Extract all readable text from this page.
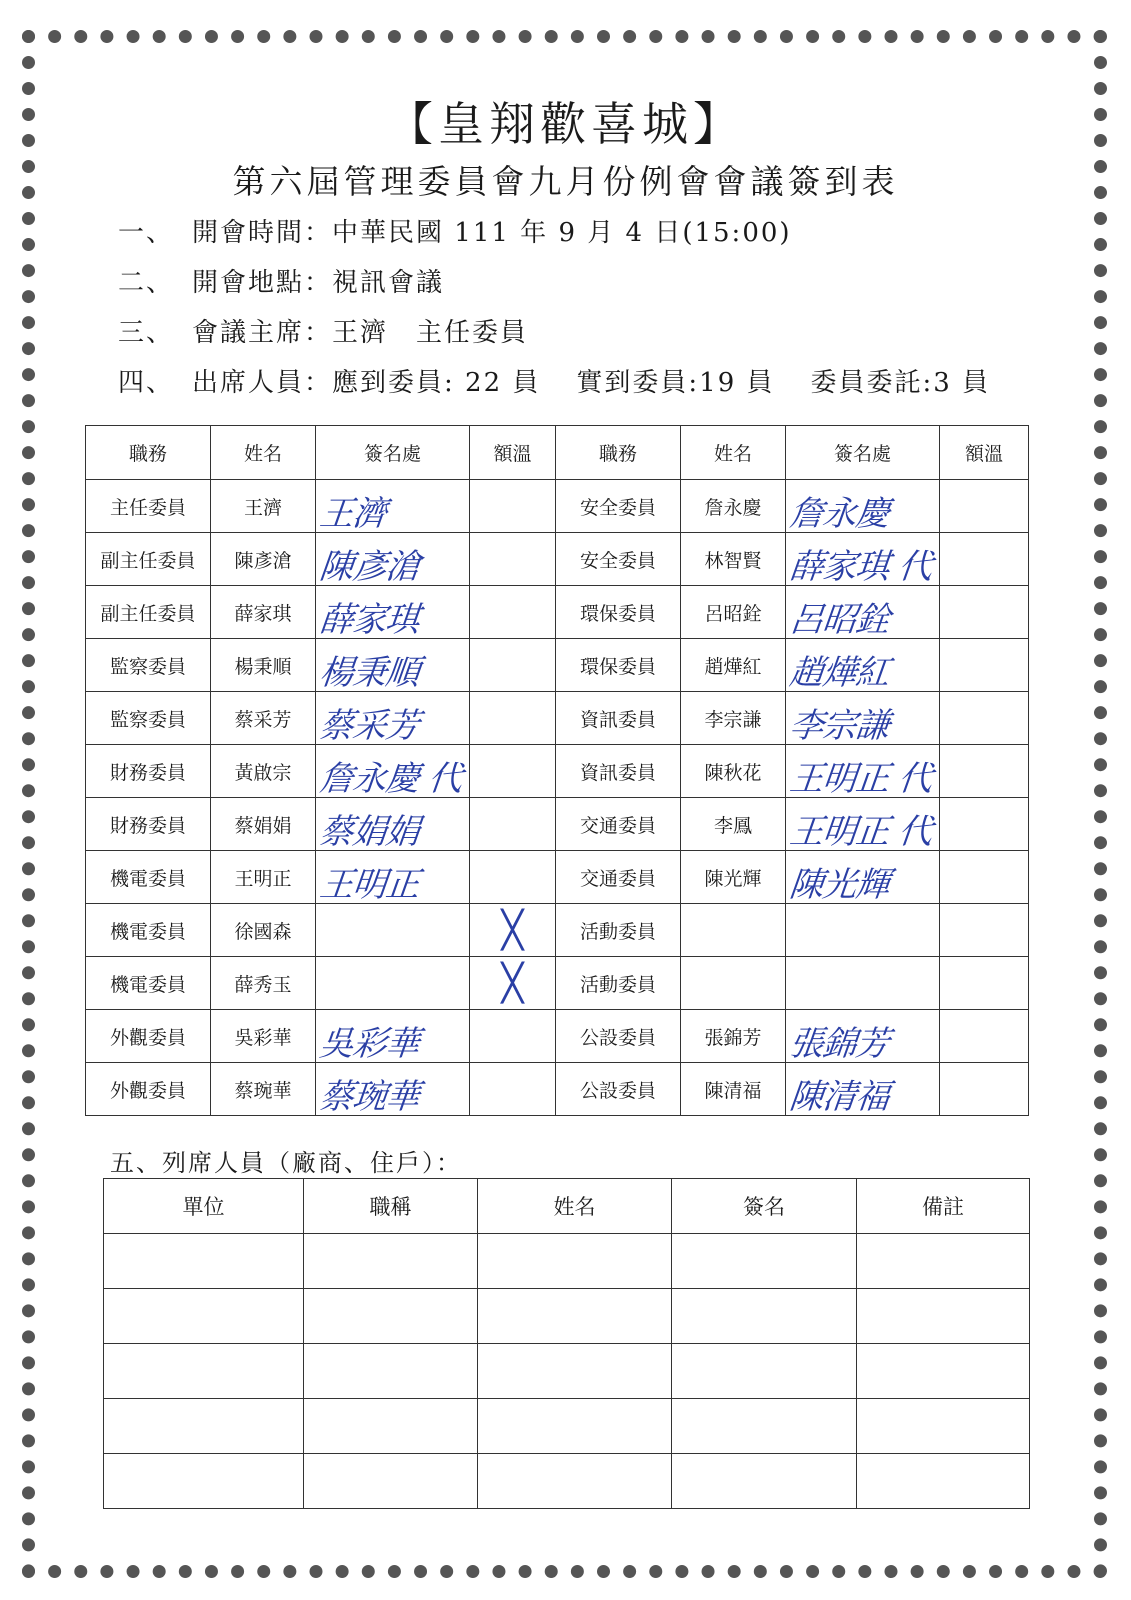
【皇翔歡喜城】
第六屆管理委員會九月份例會會議簽到表
一、 開會時間：中華民國 111 年 9 月 4 日(15:00)
二、 開會地點：視訊會議
三、 會議主席：王濟　主任委員
四、 出席人員：應到委員: 22 員 實到委員:19 員 委員委託:3 員
職務	姓名	簽名處	額溫	職務	姓名	簽名處	額溫
主任委員	王濟	王濟		安全委員	詹永慶	詹永慶	

副主任委員	陳彥滄	陳彥滄		安全委員	林智賢	薛家琪 代	

副主任委員	薛家琪	薛家琪		環保委員	呂昭銓	呂昭銓	

監察委員	楊秉順	楊秉順		環保委員	趙燁紅	趙燁紅	

監察委員	蔡采芳	蔡采芳		資訊委員	李宗謙	李宗謙	

財務委員	黃啟宗	詹永慶 代		資訊委員	陳秋花	王明正 代	

財務委員	蔡娟娟	蔡娟娟		交通委員	李鳳	王明正 代	

機電委員	王明正	王明正		交通委員	陳光輝	陳光輝	

機電委員	徐國森		╳	活動委員		

機電委員	薛秀玉		╳	活動委員		

外觀委員	吳彩華	吳彩華		公設委員	張錦芳	張錦芳	

外觀委員	蔡琬華	蔡琬華		公設委員	陳清福	陳清福	

五、列席人員（廠商、住戶）：
單位	職稱	姓名	簽名	備註
